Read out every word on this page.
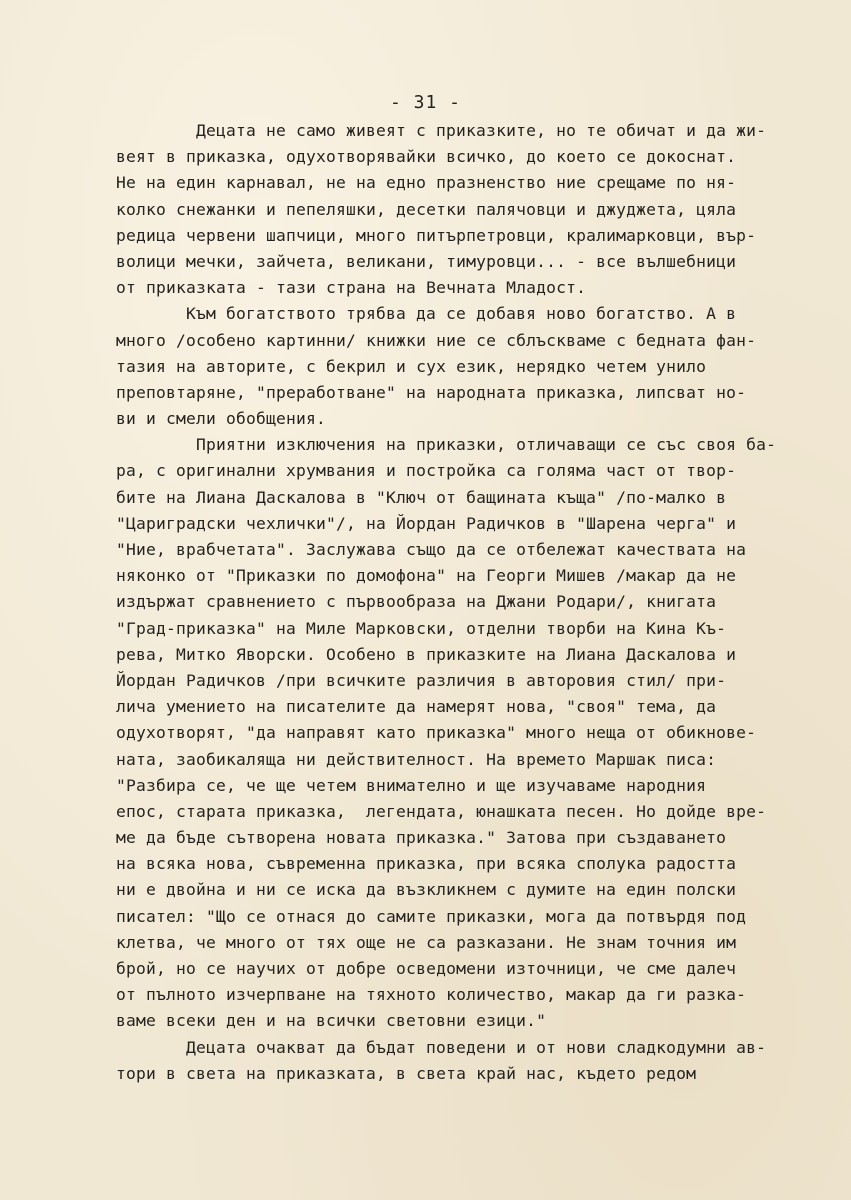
- 31 -
Децата не само живеят с приказките, но те обичат и да жи-
веят в приказка, одухотворявайки всичко, до което се докоснат.
Не на един карнавал, не на едно празненство ние срещаме по ня-
колко снежанки и пепеляшки, десетки палячовци и джуджета, цяла
редица червени шапчици, много питърпетровци, кралимарковци, вър-
волици мечки, зайчета, великани, тимуровци... - все вълшебници
от приказката - тази страна на Вечната Младост.
Към богатството трябва да се добавя ново богатство. А в
много /особено картинни/ книжки ние се сблъскваме с бедната фан-
тазия на авторите, с бекрил и сух език, нерядко четем унило
преповтаряне, "преработване" на народната приказка, липсват но-
ви и смели обобщения.
Приятни изключения на приказки, отличаващи се със своя ба-
ра, с оригинални хрумвания и постройка са голяма част от твор-
бите на Лиана Даскалова в "Ключ от бащината къща" /по-малко в
"Цариградски чехлички"/, на Йордан Радичков в "Шарена черга" и
"Ние, врабчетата". Заслужава също да се отбележат качествата на
няконко от "Приказки по домофона" на Георги Мишев /макар да не
издържат сравнението с първообраза на Джани Родари/, книгата
"Град-приказка" на Миле Марковски, отделни творби на Кина Къ-
рева, Митко Яворски. Особено в приказките на Лиана Даскалова и
Йордан Радичков /при всичките различия в авторовия стил/ при-
лича умението на писателите да намерят нова, "своя" тема, да
одухотворят, "да направят като приказка" много неща от обикнове-
ната, заобикаляща ни действителност. На времето Маршак писа:
"Разбира се, че ще четем внимателно и ще изучаваме народния
епос, старата приказка,  легендата, юнашката песен. Но дойде вре-
ме да бъде сътворена новата приказка." Затова при създаването
на всяка нова, съвременна приказка, при всяка сполука радостта
ни е двойна и ни се иска да възкликнем с думите на един полски
писател: "Що се отнася до самите приказки, мога да потвърдя под
клетва, че много от тях още не са разказани. Не знам точния им
брой, но се научих от добре осведомени източници, че сме далеч
от пълното изчерпване на тяхното количество, макар да ги разка-
ваме всеки ден и на всички световни езици."
Децата очакват да бъдат поведени и от нови сладкодумни ав-
тори в света на приказката, в света край нас, където редом
